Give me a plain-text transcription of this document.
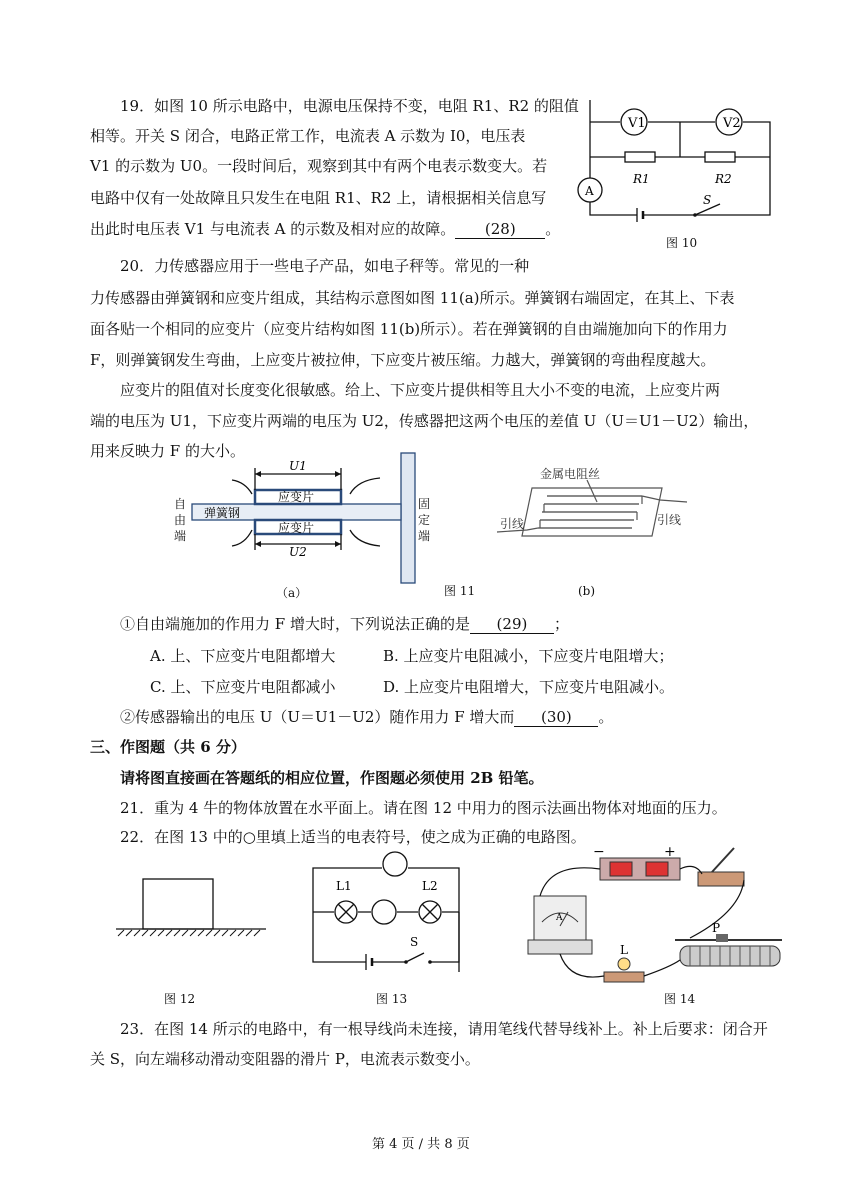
19．如图 10 所示电路中，电源电压保持不变，电阻 R1、R2 的阻值
相等。开关 S 闭合，电路正常工作，电流表 A 示数为 I0，电压表
V1 的示数为 U0。一段时间后，观察到其中有两个电表示数变大。若
电路中仅有一处故障且只发生在电阻 R1、R2 上，请根据相关信息写
出此时电压表 V1 与电流表 A 的示数及相对应的故障。 (28) 。
V1	V2
R1	R2
A
S
图 10
20．力传感器应用于一些电子产品，如电子秤等。常见的一种
力传感器由弹簧钢和应变片组成，其结构示意图如图 11(a)所示。弹簧钢右端固定，在其上、下表
面各贴一个相同的应变片（应变片结构如图 11(b)所示）。若在弹簧钢的自由端施加向下的作用力
F，则弹簧钢发生弯曲，上应变片被拉伸，下应变片被压缩。力越大，弹簧钢的弯曲程度越大。
应变片的阻值对长度变化很敏感。给上、下应变片提供相等且大小不变的电流，上应变片两
端的电压为 U1，下应变片两端的电压为 U2，传感器把这两个电压的差值 U（U＝U1－U2）输出，
用来反映力 F 的大小。
U1
U2
应变片
应变片
弹簧钢
自由端
固定端
金属电阻丝
引线	引线
（a）	图 11	(b)
①自由端施加的作用力 F 增大时，下列说法正确的是 (29) ；
A. 上、下应变片电阻都增大	B. 上应变片电阻减小，下应变片电阻增大；
C. 上、下应变片电阻都减小	D. 上应变片电阻增大，下应变片电阻减小。
②传感器输出的电压 U（U＝U1－U2）随作用力 F 增大而 (30) 。
三、作图题（共 6 分）
请将图直接画在答题纸的相应位置，作图题必须使用 2B 铅笔。
21．重为 4 牛的物体放置在水平面上。请在图 12 中用力的图示法画出物体对地面的压力。
22．在图 13 中的○里填上适当的电表符号，使之成为正确的电路图。
图 12
L1	L2
S
图 13
−	+
P
L
A
图 14
23．在图 14 所示的电路中，有一根导线尚未连接，请用笔线代替导线补上。补上后要求：闭合开
关 S，向左端移动滑动变阻器的滑片 P，电流表示数变小。
第 4 页 / 共 8 页
